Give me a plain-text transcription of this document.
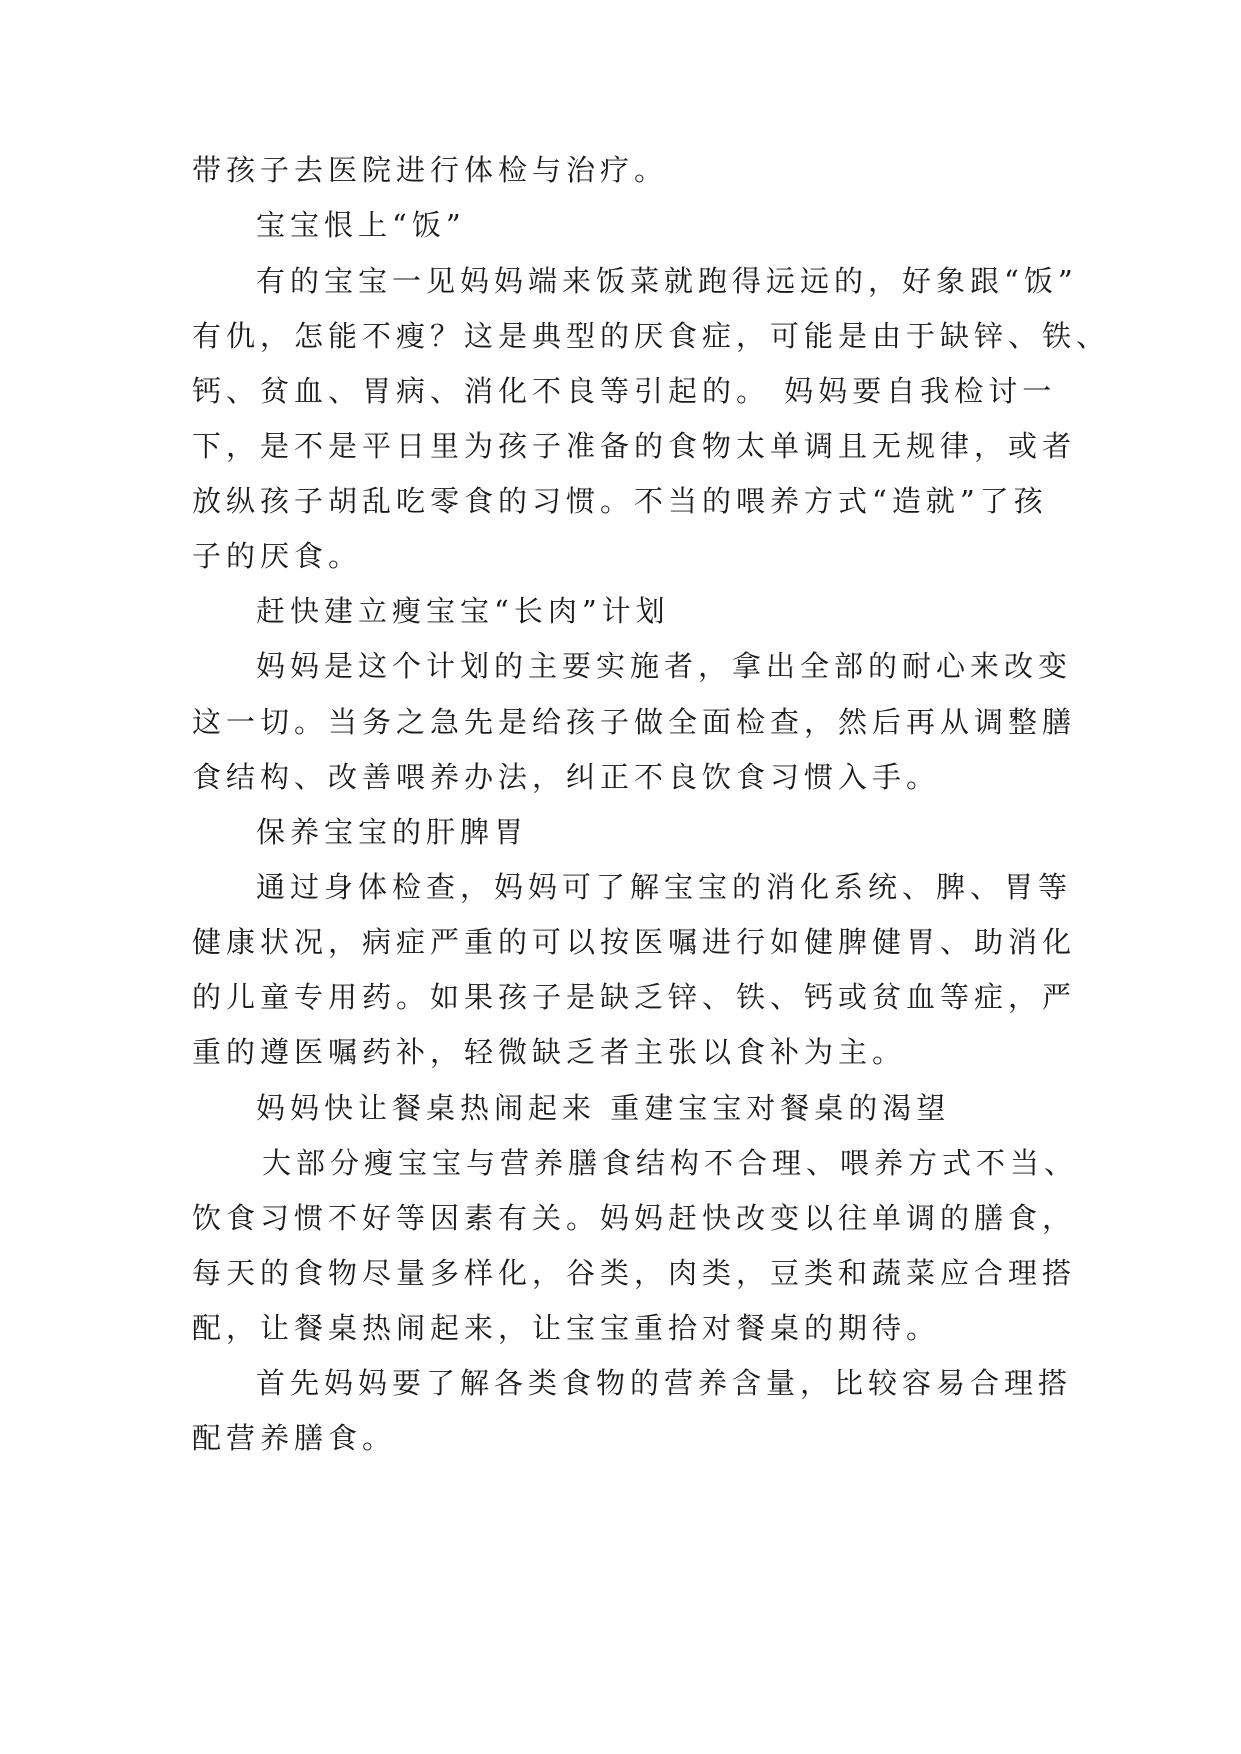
带孩子去医院进行体检与治疗。
宝宝恨上“饭”
有的宝宝一见妈妈端来饭菜就跑得远远的，好象跟“饭”
有仇，怎能不瘦？这是典型的厌食症，可能是由于缺锌、铁、
钙、贫血、胃病、消化不良等引起的。 妈妈要自我检讨一
下，是不是平日里为孩子准备的食物太单调且无规律，或者
放纵孩子胡乱吃零食的习惯。不当的喂养方式“造就”了孩
子的厌食。
赶快建立瘦宝宝“长肉”计划
妈妈是这个计划的主要实施者，拿出全部的耐心来改变
这一切。当务之急先是给孩子做全面检查，然后再从调整膳
食结构、改善喂养办法，纠正不良饮食习惯入手。
保养宝宝的肝脾胃
通过身体检查，妈妈可了解宝宝的消化系统、脾、胃等
健康状况，病症严重的可以按医嘱进行如健脾健胃、助消化
的儿童专用药。如果孩子是缺乏锌、铁、钙或贫血等症，严
重的遵医嘱药补，轻微缺乏者主张以食补为主。
妈妈快让餐桌热闹起来 重建宝宝对餐桌的渴望
大部分瘦宝宝与营养膳食结构不合理、喂养方式不当、
饮食习惯不好等因素有关。妈妈赶快改变以往单调的膳食，
每天的食物尽量多样化，谷类，肉类，豆类和蔬菜应合理搭
配，让餐桌热闹起来，让宝宝重拾对餐桌的期待。
首先妈妈要了解各类食物的营养含量，比较容易合理搭
配营养膳食。
